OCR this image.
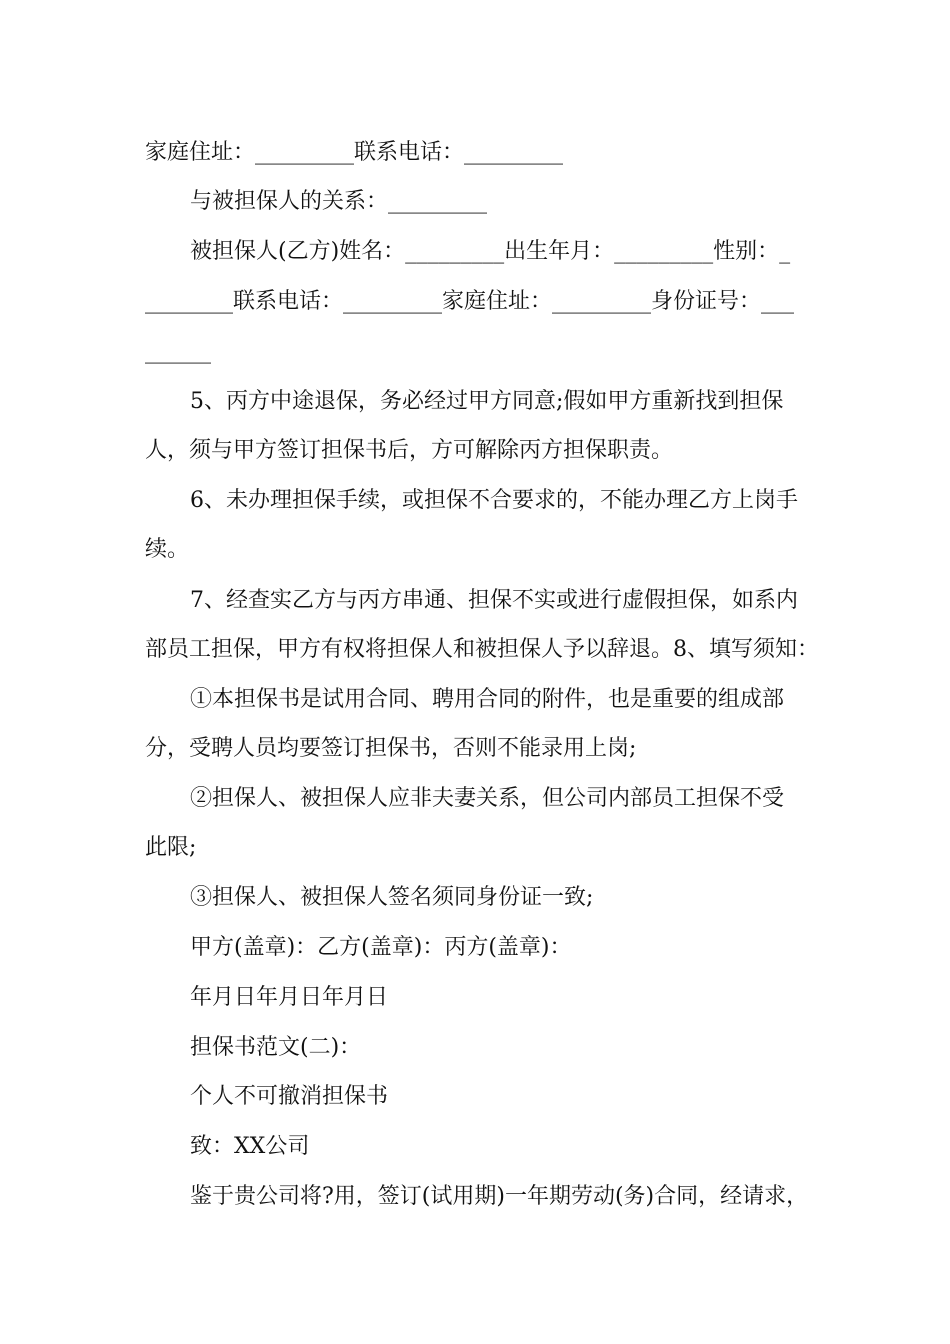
家庭住址：_________联系电话：_________
与被担保人的关系：_________
被担保人(乙方)姓名：_________出生年月：_________性别：_
________联系电话：_________家庭住址：_________身份证号：___
______
5、丙方中途退保，务必经过甲方同意;假如甲方重新找到担保
人，须与甲方签订担保书后，方可解除丙方担保职责。
6、未办理担保手续，或担保不合要求的，不能办理乙方上岗手
续。
7、经查实乙方与丙方串通、担保不实或进行虚假担保，如系内
部员工担保，甲方有权将担保人和被担保人予以辞退。8、填写须知：
①本担保书是试用合同、聘用合同的附件，也是重要的组成部
分，受聘人员均要签订担保书，否则不能录用上岗;
②担保人、被担保人应非夫妻关系，但公司内部员工担保不受
此限;
③担保人、被担保人签名须同身份证一致;
甲方(盖章)：乙方(盖章)：丙方(盖章)：
年月日年月日年月日
担保书范文(二)：
个人不可撤消担保书
致：XX公司
鉴于贵公司将?用，签订(试用期)一年期劳动(务)合同，经请求，
